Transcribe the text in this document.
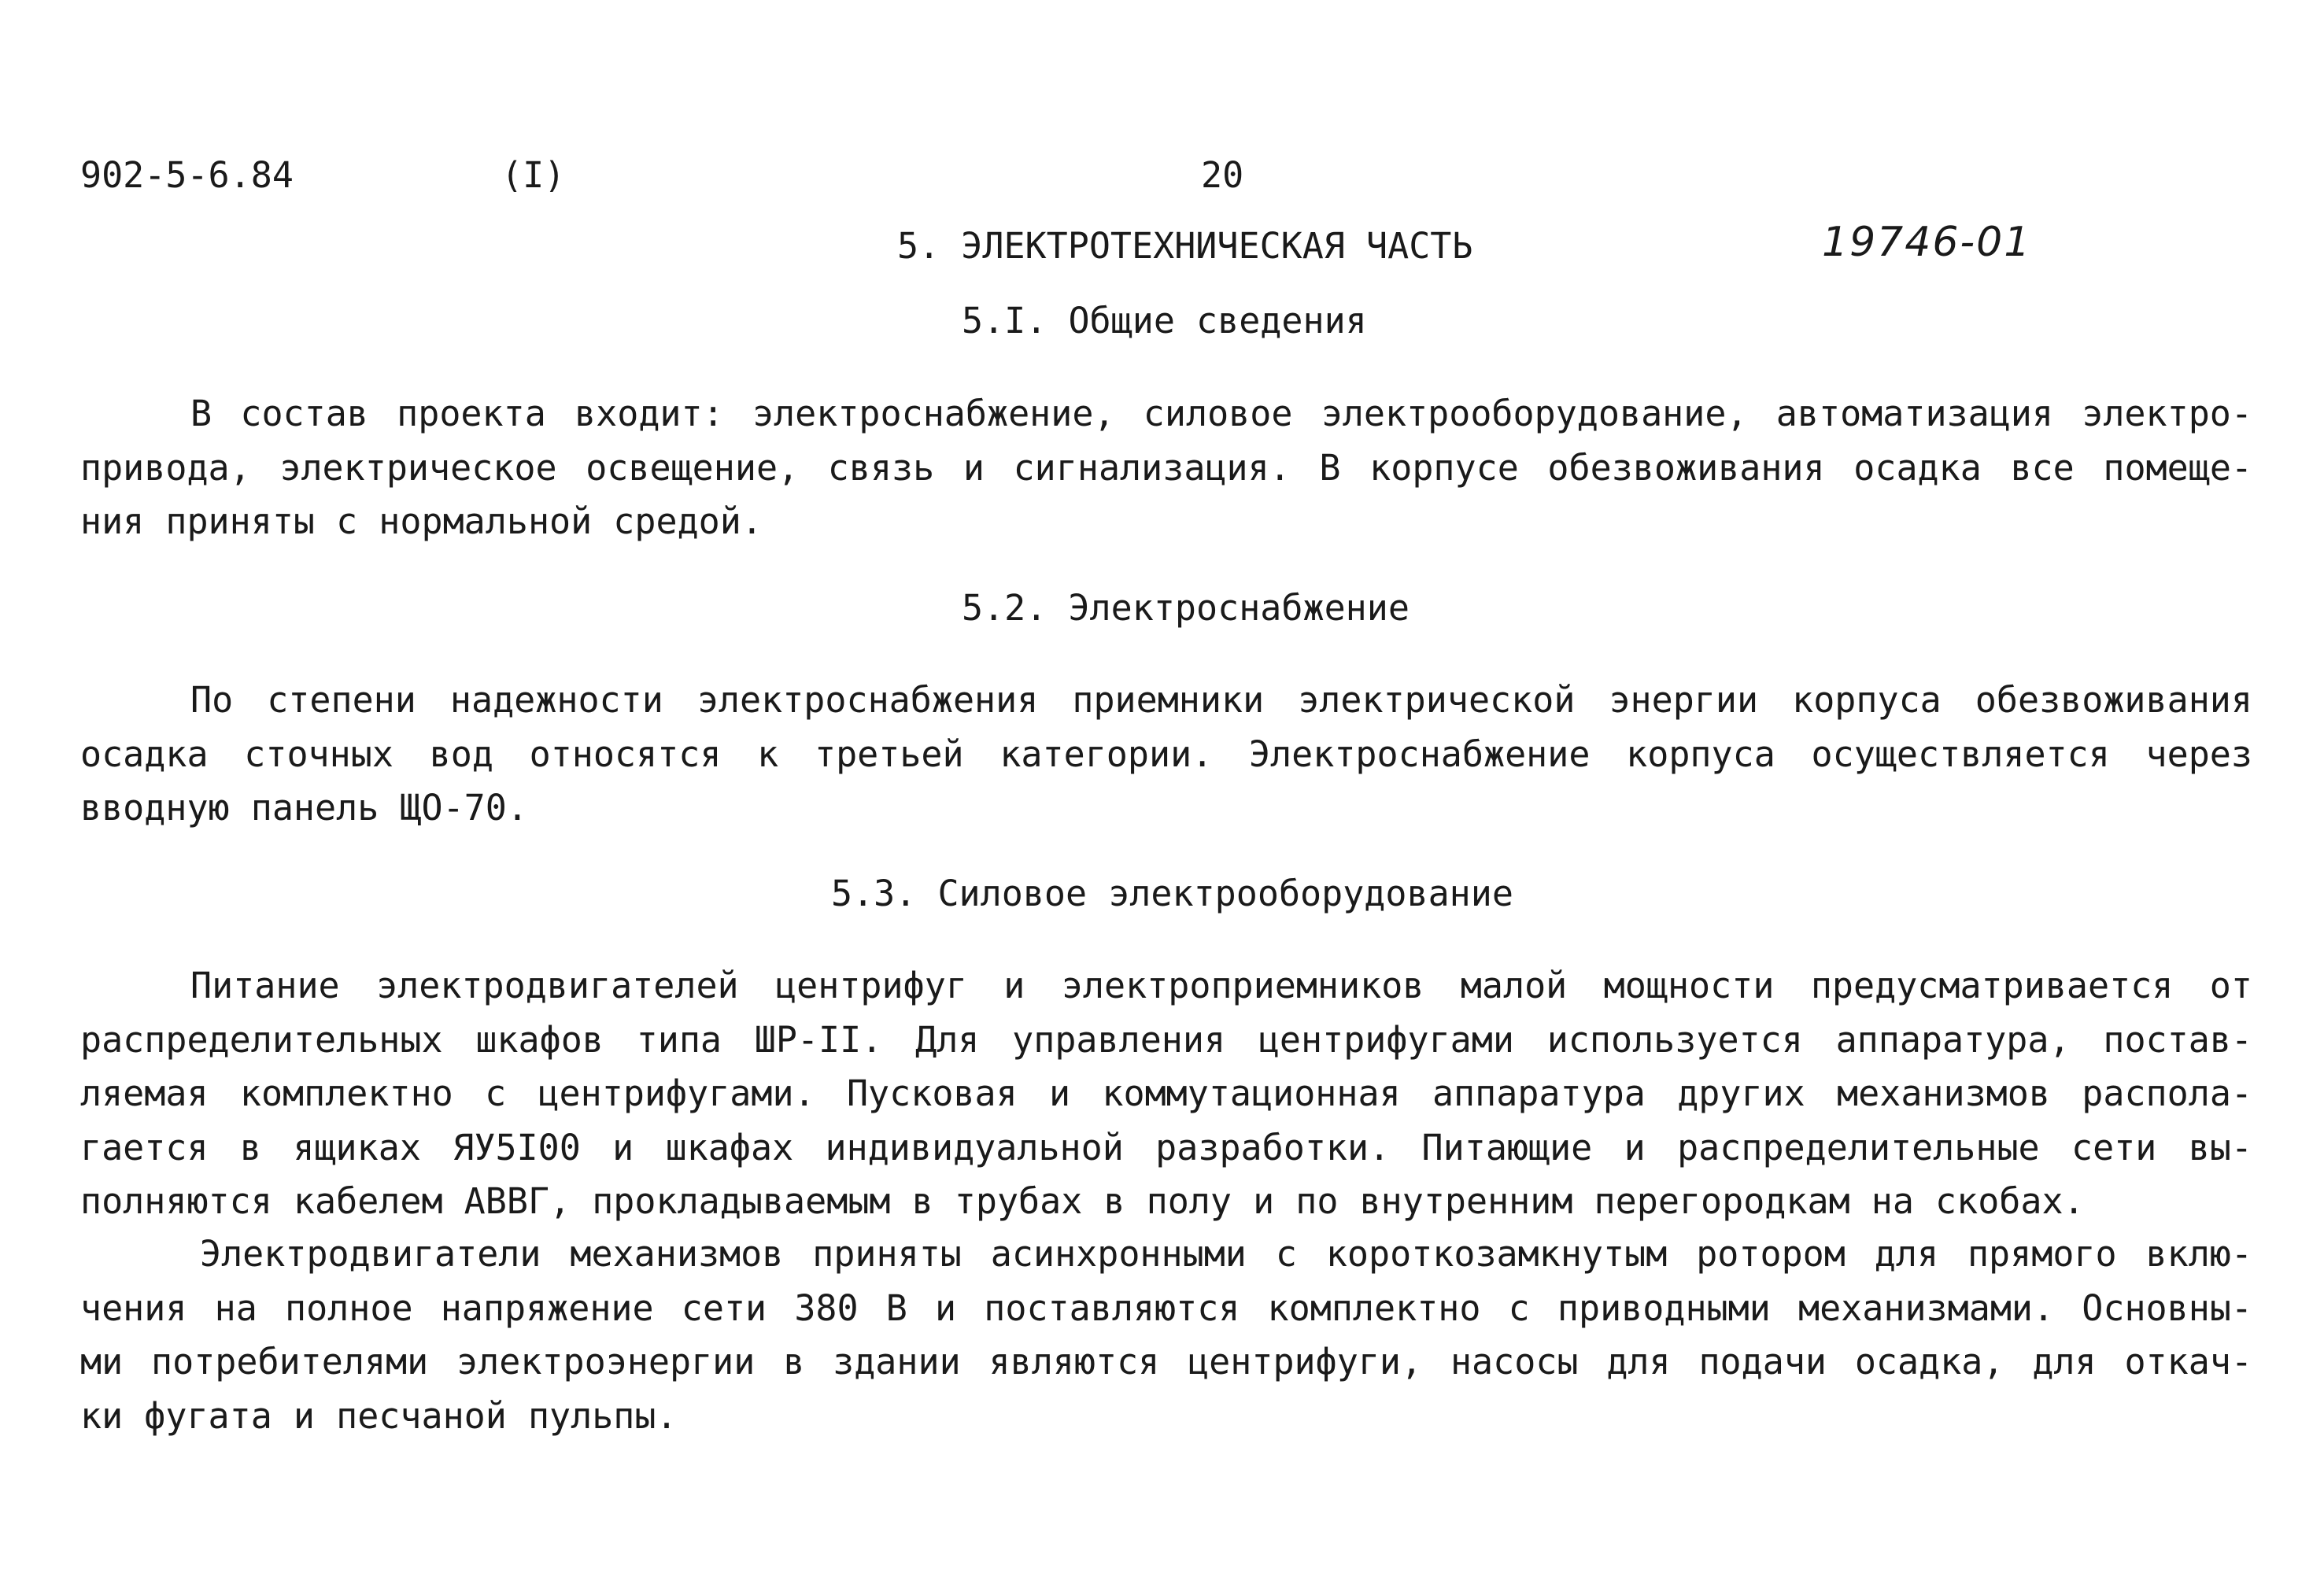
902-5-6.84	(I)	20
19746-01
5. ЭЛЕКТРОТЕХНИЧЕСКАЯ ЧАСТЬ
5.I. Общие сведения
В состав проекта входит: электроснабжение, силовое электрооборудование, автоматизация электро-
привода, электрическое освещение, связь и сигнализация. В корпусе обезвоживания осадка все помеще-
ния приняты с нормальной средой.
5.2. Электроснабжение
По степени надежности электроснабжения приемники электрической энергии корпуса обезвоживания
осадка сточных вод относятся к третьей категории. Электроснабжение корпуса осуществляется через
вводную панель ЩО-70.
5.3. Силовое электрооборудование
Питание электродвигателей центрифуг и электроприемников малой мощности предусматривается от
распределительных шкафов типа ШР-II. Для управления центрифугами используется аппаратура, постав-
ляемая комплектно с центрифугами. Пусковая и коммутационная аппаратура других механизмов распола-
гается в ящиках ЯУ5I00 и шкафах индивидуальной разработки. Питающие и распределительные сети вы-
полняются кабелем АВВГ, прокладываемым в трубах в полу и по внутренним перегородкам на скобах.
Электродвигатели механизмов приняты асинхронными с короткозамкнутым ротором для прямого вклю-
чения на полное напряжение сети 380 В и поставляются комплектно с приводными механизмами. Основны-
ми потребителями электроэнергии в здании являются центрифуги, насосы для подачи осадка, для откач-
ки фугата и песчаной пульпы.
